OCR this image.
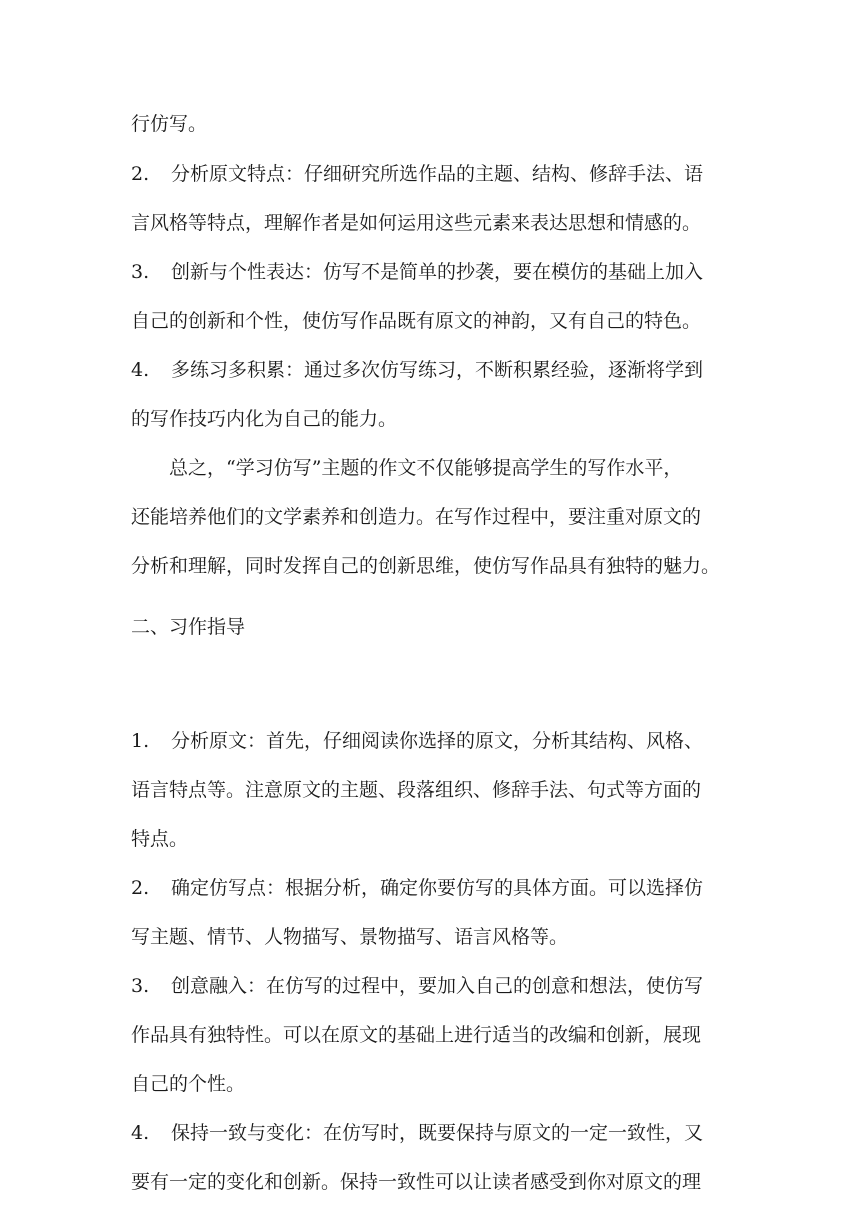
行仿写。

2. 分析原文特点：仔细研究所选作品的主题、结构、修辞手法、语

言风格等特点，理解作者是如何运用这些元素来表达思想和情感的。

3. 创新与个性表达：仿写不是简单的抄袭，要在模仿的基础上加入

自己的创新和个性，使仿写作品既有原文的神韵，又有自己的特色。

4. 多练习多积累：通过多次仿写练习，不断积累经验，逐渐将学到

的写作技巧内化为自己的能力。

总之，“学习仿写”主题的作文不仅能够提高学生的写作水平，

还能培养他们的文学素养和创造力。在写作过程中，要注重对原文的

分析和理解，同时发挥自己的创新思维，使仿写作品具有独特的魅力。

二、习作指导

1. 分析原文：首先，仔细阅读你选择的原文，分析其结构、风格、

语言特点等。注意原文的主题、段落组织、修辞手法、句式等方面的

特点。

2. 确定仿写点：根据分析，确定你要仿写的具体方面。可以选择仿

写主题、情节、人物描写、景物描写、语言风格等。

3. 创意融入：在仿写的过程中，要加入自己的创意和想法，使仿写

作品具有独特性。可以在原文的基础上进行适当的改编和创新，展现

自己的个性。

4. 保持一致与变化：在仿写时，既要保持与原文的一定一致性，又

要有一定的变化和创新。保持一致性可以让读者感受到你对原文的理
